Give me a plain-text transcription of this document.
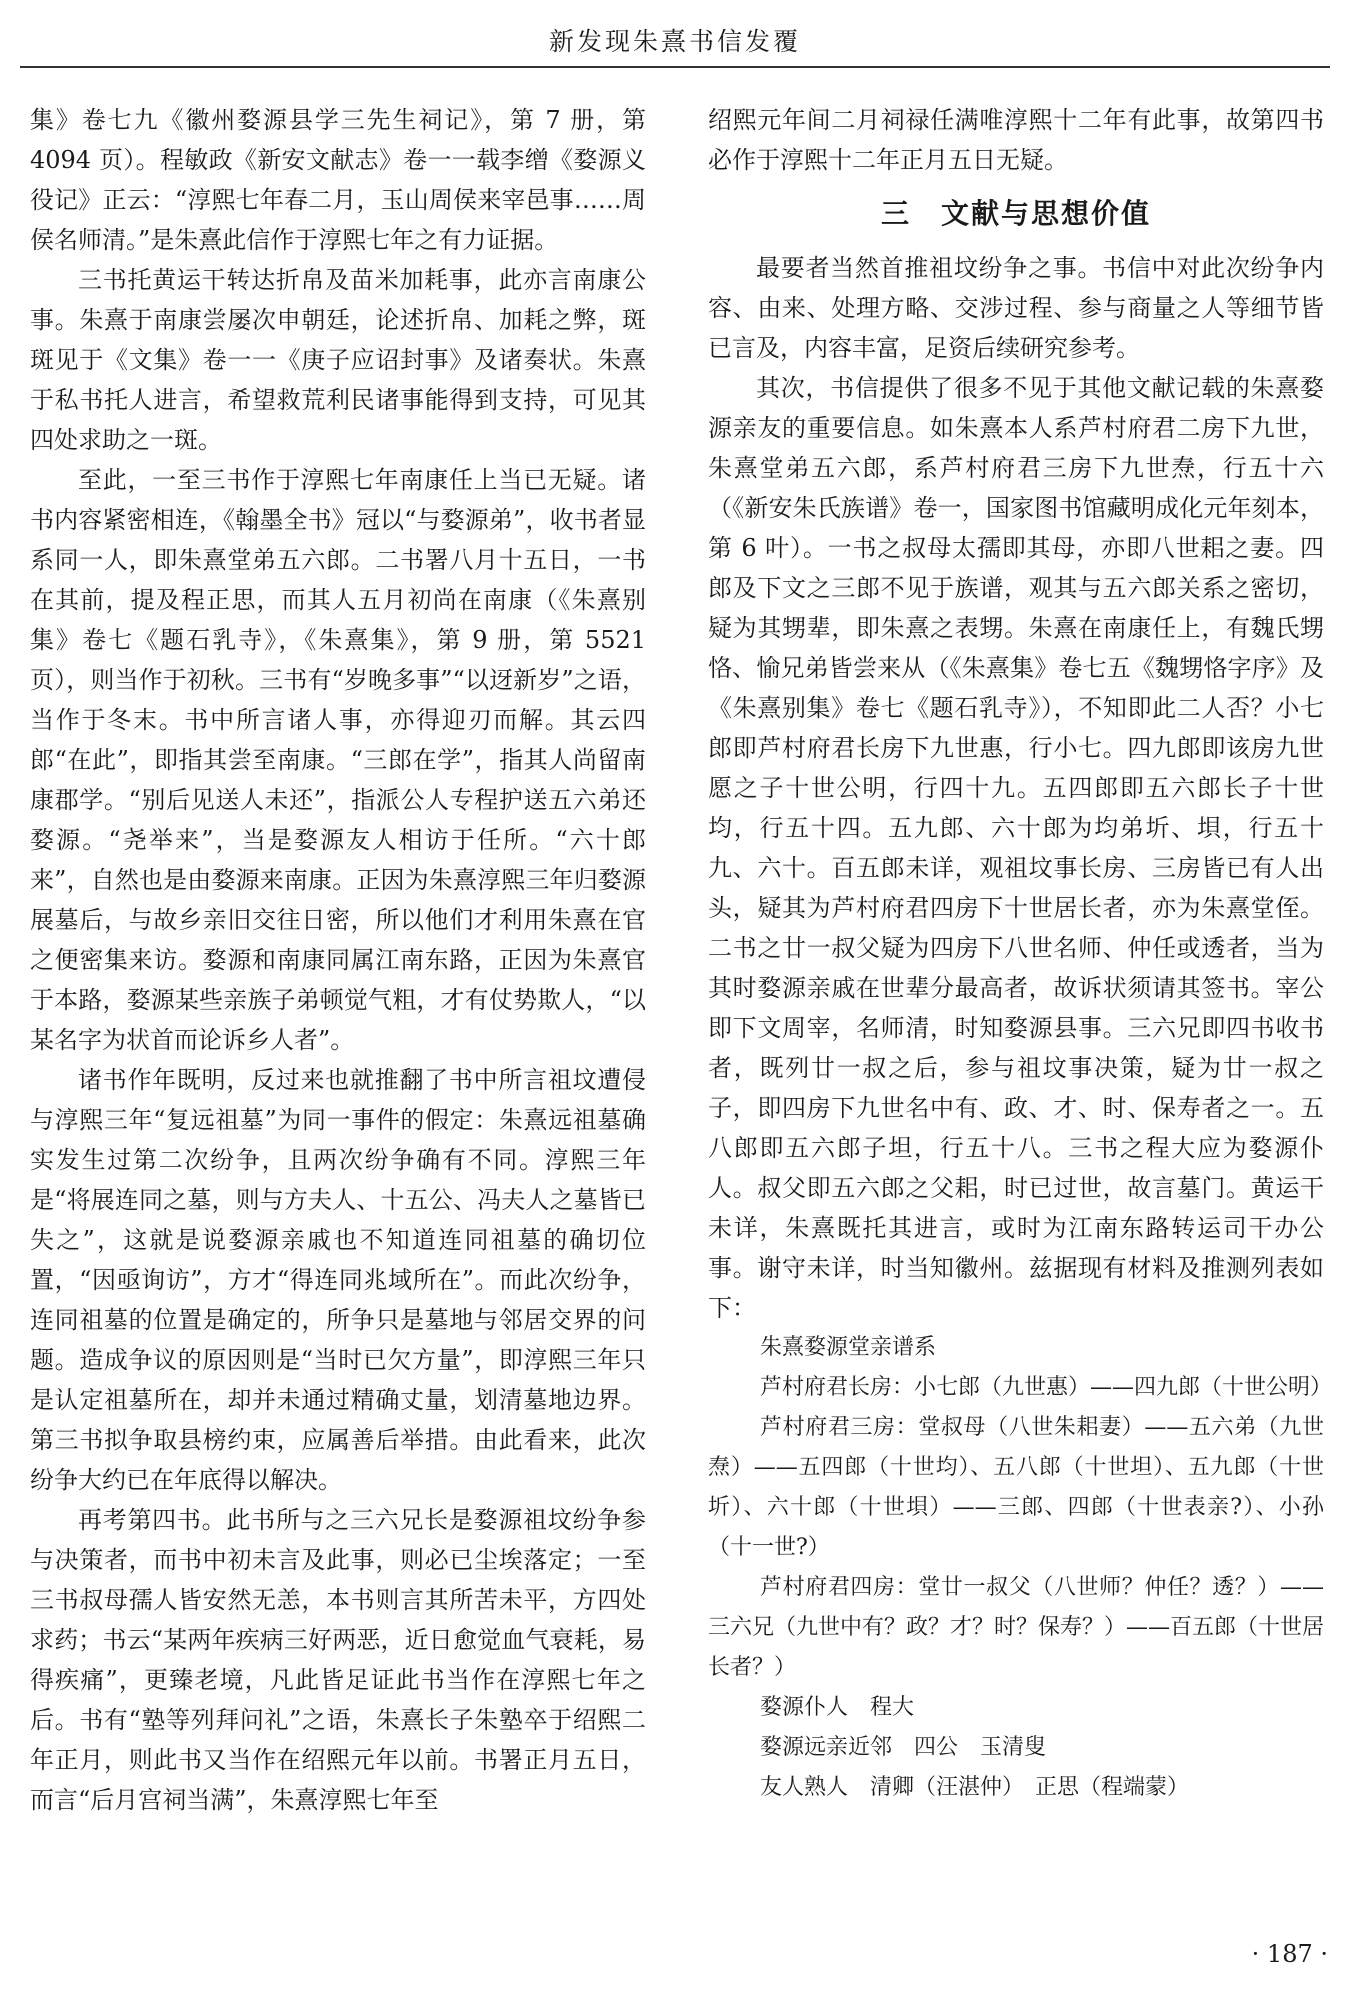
新发现朱熹书信发覆

集》卷七九《徽州婺源县学三先生祠记》，第 7 册，第 4094 页）。程敏政《新安文献志》卷一一载李缯《婺源义役记》正云：“淳熙七年春二月，玉山周侯来宰邑事……周侯名师清。”是朱熹此信作于淳熙七年之有力证据。

三书托黄运干转达折帛及苗米加耗事，此亦言南康公事。朱熹于南康尝屡次申朝廷，论述折帛、加耗之弊，斑斑见于《文集》卷一一《庚子应诏封事》及诸奏状。朱熹于私书托人进言，希望救荒利民诸事能得到支持，可见其四处求助之一斑。

至此，一至三书作于淳熙七年南康任上当已无疑。诸书内容紧密相连，《翰墨全书》冠以“与婺源弟”，收书者显系同一人，即朱熹堂弟五六郎。二书署八月十五日，一书在其前，提及程正思，而其人五月初尚在南康（《朱熹别集》卷七《题石乳寺》，《朱熹集》，第 9 册，第 5521 页），则当作于初秋。三书有“岁晚多事”“以迓新岁”之语，当作于冬末。书中所言诸人事，亦得迎刃而解。其云四郎“在此”，即指其尝至南康。“三郎在学”，指其人尚留南康郡学。“别后见送人未还”，指派公人专程护送五六弟还婺源。“尧举来”，当是婺源友人相访于任所。“六十郎来”，自然也是由婺源来南康。正因为朱熹淳熙三年归婺源展墓后，与故乡亲旧交往日密，所以他们才利用朱熹在官之便密集来访。婺源和南康同属江南东路，正因为朱熹官于本路，婺源某些亲族子弟顿觉气粗，才有仗势欺人，“以某名字为状首而论诉乡人者”。

诸书作年既明，反过来也就推翻了书中所言祖坟遭侵与淳熙三年“复远祖墓”为同一事件的假定：朱熹远祖墓确实发生过第二次纷争，且两次纷争确有不同。淳熙三年是“将展连同之墓，则与方夫人、十五公、冯夫人之墓皆已失之”，这就是说婺源亲戚也不知道连同祖墓的确切位置，“因亟询访”，方才“得连同兆域所在”。而此次纷争，连同祖墓的位置是确定的，所争只是墓地与邻居交界的问题。造成争议的原因则是“当时已欠方量”，即淳熙三年只是认定祖墓所在，却并未通过精确丈量，划清墓地边界。第三书拟争取县榜约束，应属善后举措。由此看来，此次纷争大约已在年底得以解决。

再考第四书。此书所与之三六兄长是婺源祖坟纷争参与决策者，而书中初未言及此事，则必已尘埃落定；一至三书叔母孺人皆安然无恙，本书则言其所苦未平，方四处求药；书云“某两年疾病三好两恶，近日愈觉血气衰耗，易得疾痛”，更臻老境，凡此皆足证此书当作在淳熙七年之后。书有“塾等列拜问礼”之语，朱熹长子朱塾卒于绍熙二年正月，则此书又当作在绍熙元年以前。书署正月五日，而言“后月宫祠当满”，朱熹淳熙七年至

绍熙元年间二月祠禄任满唯淳熙十二年有此事，故第四书必作于淳熙十二年正月五日无疑。

三　文献与思想价值

最要者当然首推祖坟纷争之事。书信中对此次纷争内容、由来、处理方略、交涉过程、参与商量之人等细节皆已言及，内容丰富，足资后续研究参考。

其次，书信提供了很多不见于其他文献记载的朱熹婺源亲友的重要信息。如朱熹本人系芦村府君二房下九世，朱熹堂弟五六郎，系芦村府君三房下九世焘，行五十六（《新安朱氏族谱》卷一，国家图书馆藏明成化元年刻本，第 6 叶）。一书之叔母太孺即其母，亦即八世耜之妻。四郎及下文之三郎不见于族谱，观其与五六郎关系之密切，疑为其甥辈，即朱熹之表甥。朱熹在南康任上，有魏氏甥恪、愉兄弟皆尝来从（《朱熹集》卷七五《魏甥恪字序》及《朱熹别集》卷七《题石乳寺》），不知即此二人否？小七郎即芦村府君长房下九世惠，行小七。四九郎即该房九世愿之子十世公明，行四十九。五四郎即五六郎长子十世均，行五十四。五九郎、六十郎为均弟圻、垻，行五十九、六十。百五郎未详，观祖坟事长房、三房皆已有人出头，疑其为芦村府君四房下十世居长者，亦为朱熹堂侄。二书之廿一叔父疑为四房下八世名师、仲任或透者，当为其时婺源亲戚在世辈分最高者，故诉状须请其签书。宰公即下文周宰，名师清，时知婺源县事。三六兄即四书收书者，既列廿一叔之后，参与祖坟事决策，疑为廿一叔之子，即四房下九世名中有、政、才、时、保寿者之一。五八郎即五六郎子坦，行五十八。三书之程大应为婺源仆人。叔父即五六郎之父耜，时已过世，故言墓门。黄运干未详，朱熹既托其进言，或时为江南东路转运司干办公事。谢守未详，时当知徽州。兹据现有材料及推测列表如下：

朱熹婺源堂亲谱系

芦村府君长房：小七郎（九世惠）——四九郎（十世公明）

芦村府君三房：堂叔母（八世朱耜妻）——五六弟（九世焘）——五四郎（十世均）、五八郎（十世坦）、五九郎（十世圻）、六十郎（十世垻）——三郎、四郎（十世表亲?）、小孙（十一世?）

芦村府君四房：堂廿一叔父（八世师？仲任？透？）——三六兄（九世中有？政？才？时？保寿？）——百五郎（十世居长者？）

婺源仆人　程大

婺源远亲近邻　四公　玉清叟

友人熟人　清卿（汪湛仲）　正思（程端蒙）

· 187 ·
